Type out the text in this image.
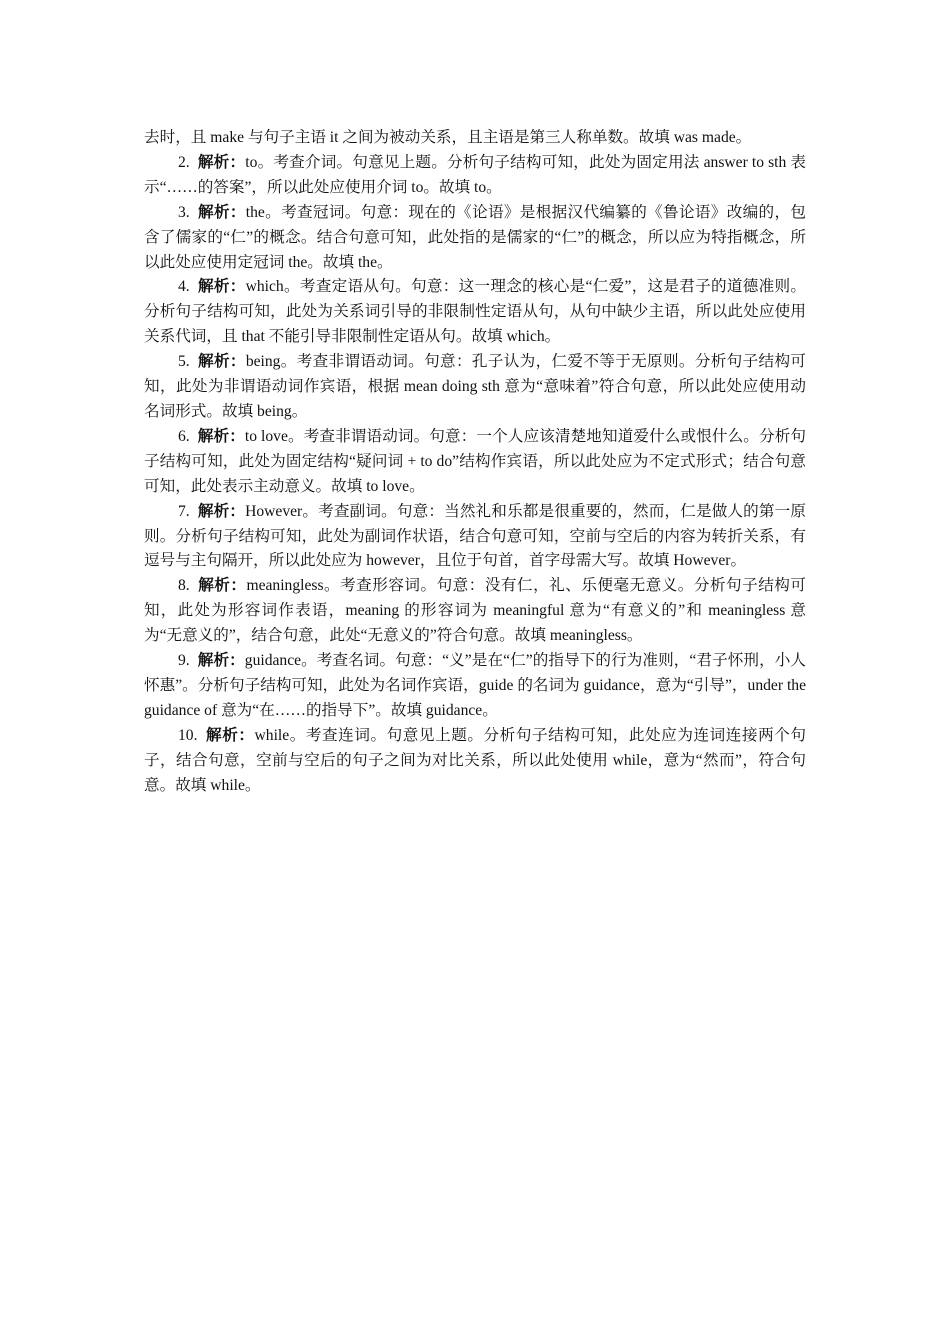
去时，且 make 与句子主语 it 之间为被动关系，且主语是第三人称单数。故填 was made。

2. 解析：to。考查介词。句意见上题。分析句子结构可知，此处为固定用法 answer to sth 表示“……的答案”，所以此处应使用介词 to。故填 to。

3. 解析：the。考查冠词。句意：现在的《论语》是根据汉代编纂的《鲁论语》改编的，包含了儒家的“仁”的概念。结合句意可知，此处指的是儒家的“仁”的概念，所以应为特指概念，所以此处应使用定冠词 the。故填 the。

4. 解析：which。考查定语从句。句意：这一理念的核心是“仁爱”，这是君子的道德准则。分析句子结构可知，此处为关系词引导的非限制性定语从句，从句中缺少主语，所以此处应使用关系代词，且 that 不能引导非限制性定语从句。故填 which。

5. 解析：being。考查非谓语动词。句意：孔子认为，仁爱不等于无原则。分析句子结构可知，此处为非谓语动词作宾语，根据 mean doing sth 意为“意味着”符合句意，所以此处应使用动名词形式。故填 being。

6. 解析：to love。考查非谓语动词。句意：一个人应该清楚地知道爱什么或恨什么。分析句子结构可知，此处为固定结构“疑问词 + to do”结构作宾语，所以此处应为不定式形式；结合句意可知，此处表示主动意义。故填 to love。

7. 解析：However。考查副词。句意：当然礼和乐都是很重要的，然而，仁是做人的第一原则。分析句子结构可知，此处为副词作状语，结合句意可知，空前与空后的内容为转折关系，有逗号与主句隔开，所以此处应为 however，且位于句首，首字母需大写。故填 However。

8. 解析：meaningless。考查形容词。句意：没有仁，礼、乐便毫无意义。分析句子结构可知，此处为形容词作表语，meaning 的形容词为 meaningful 意为“有意义的”和 meaningless 意为“无意义的”，结合句意，此处“无意义的”符合句意。故填 meaningless。

9. 解析：guidance。考查名词。句意：“义”是在“仁”的指导下的行为准则，“君子怀刑，小人怀惠”。分析句子结构可知，此处为名词作宾语，guide 的名词为 guidance，意为“引导”，under the guidance of 意为“在……的指导下”。故填 guidance。

10. 解析：while。考查连词。句意见上题。分析句子结构可知，此处应为连词连接两个句子，结合句意，空前与空后的句子之间为对比关系，所以此处使用 while，意为“然而”，符合句意。故填 while。
